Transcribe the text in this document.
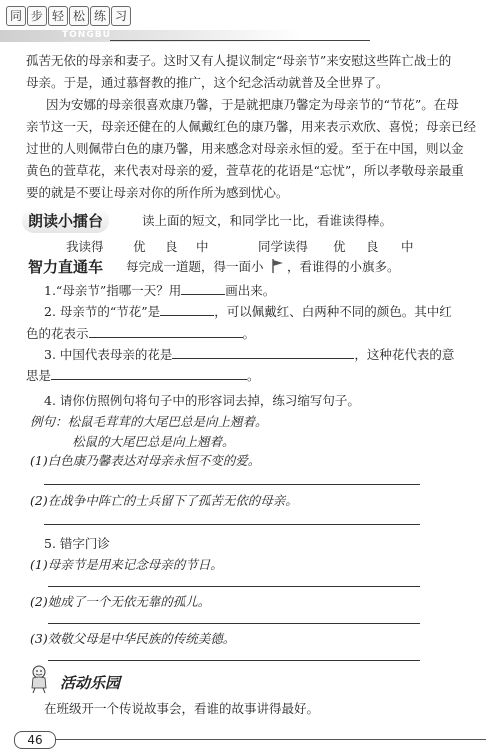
同 步 轻 松 练 习
TONGBU
孤苦无依的母亲和妻子。这时又有人提议制定“母亲节”来安慰这些阵亡战士的
母亲。于是，通过慕督教的推广，这个纪念活动就普及全世界了。
因为安娜的母亲很喜欢康乃馨，于是就把康乃馨定为母亲节的“节花”。在母
亲节这一天，母亲还健在的人佩戴红色的康乃馨，用来表示欢欣、喜悦；母亲已经
过世的人则佩带白色的康乃馨，用来感念对母亲永恒的爱。至于在中国，则以金
黄色的萱草花，来代表对母亲的爱，萱草花的花语是“忘忧”，所以孝敬母亲最重
要的就是不要让母亲对你的所作所为感到忧心。
朗读小擂台	读上面的短文，和同学比一比，看谁读得棒。
我读得 优 良 中	同学读得 优 良 中
智力直通车	每完成一道题，得一面小 ，看谁得的小旗多。
1.“母亲节”指哪一天？用	画出来。
2. 母亲节的“节花”是	，可以佩戴红、白两种不同的颜色。其中红
色的花表示	。
3. 中国代表母亲的花是	，这种花代表的意
思是	。
4. 请你仿照例句将句子中的形容词去掉，练习缩写句子。
例句：松鼠毛茸茸的大尾巴总是向上翘着。
松鼠的大尾巴总是向上翘着。
(1)白色康乃馨表达对母亲永恒不变的爱。
(2)在战争中阵亡的士兵留下了孤苦无依的母亲。
5. 错字门诊
(1)母亲节是用来记念母亲的节日。
(2)她成了一个无依无靠的孤儿。
(3)效敬父母是中华民族的传统美德。
活动乐园
在班级开一个传说故事会，看谁的故事讲得最好。
46
